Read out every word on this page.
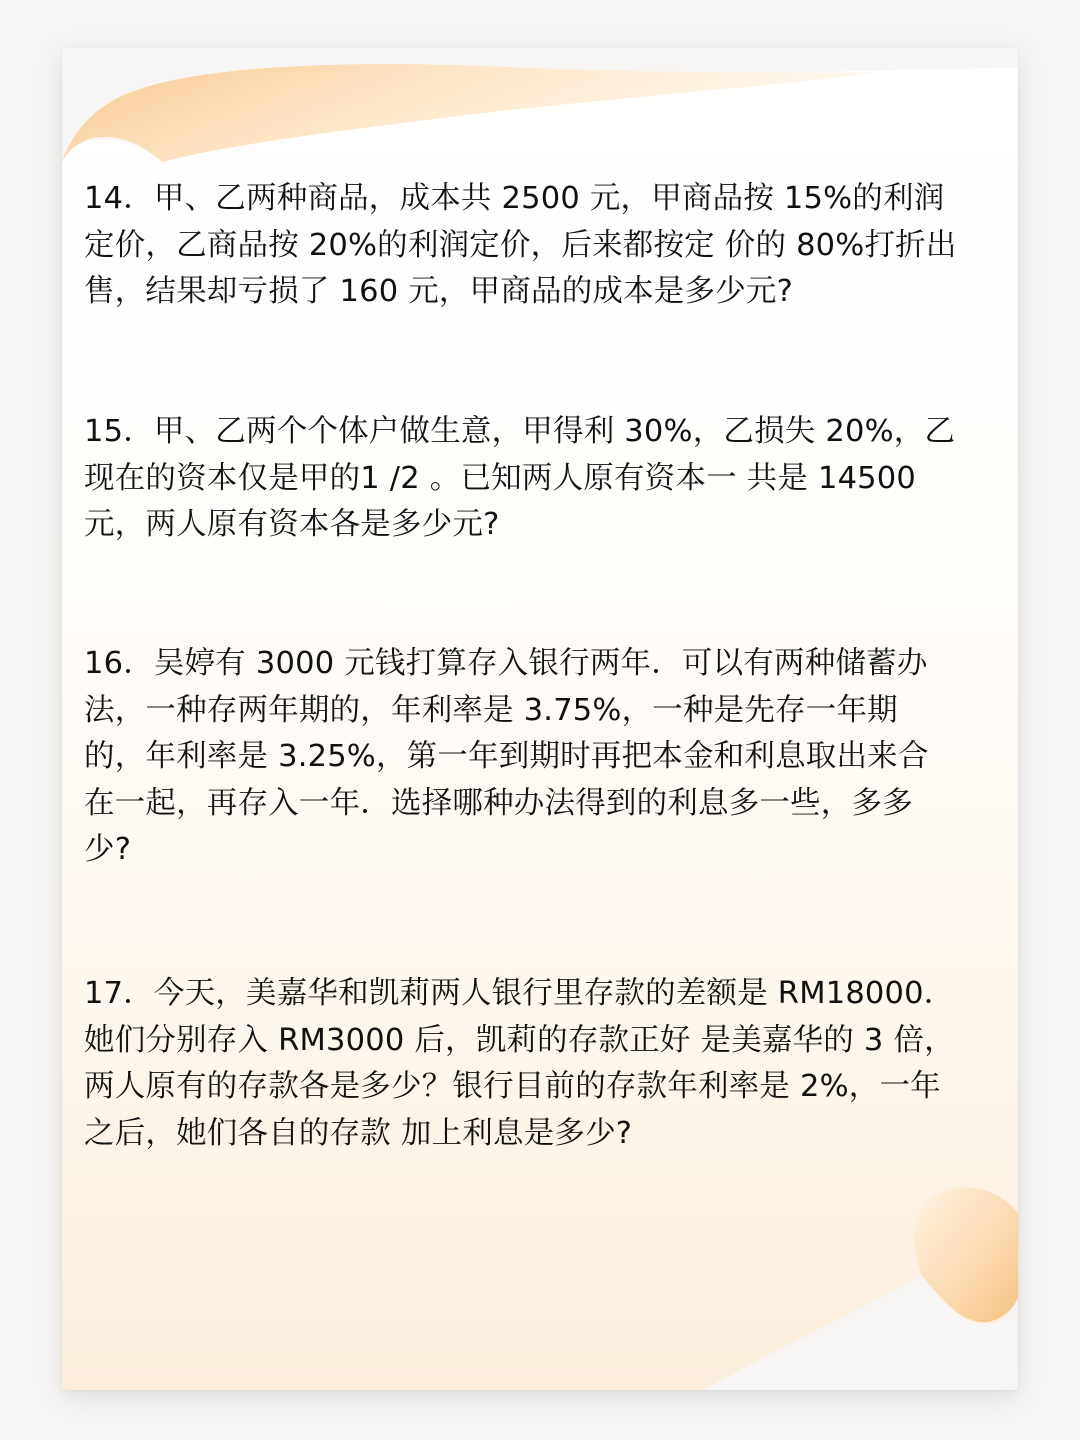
14．甲、乙两种商品，成本共 2500 元，甲商品按 15%的利润
定价，乙商品按 20%的利润定价，后来都按定 价的 80%打折出
售，结果却亏损了 160 元，甲商品的成本是多少元?
15．甲、乙两个个体户做生意，甲得利 30%，乙损失 20%，乙
现在的资本仅是甲的1 /2 。已知两人原有资本一 共是 14500
元，两人原有资本各是多少元?
16．吴婷有 3000 元钱打算存入银行两年．可以有两种储蓄办
法，一种存两年期的，年利率是 3.75%，一种是先存一年期
的，年利率是 3.25%，第一年到期时再把本金和利息取出来合
在一起，再存入一年．选择哪种办法得到的利息多一些，多多
少?
17．今天，美嘉华和凯莉两人银行里存款的差额是 RM18000．
她们分别存入 RM3000 后，凯莉的存款正好 是美嘉华的 3 倍，
两人原有的存款各是多少？银行目前的存款年利率是 2%，一年
之后，她们各自的存款 加上利息是多少?
